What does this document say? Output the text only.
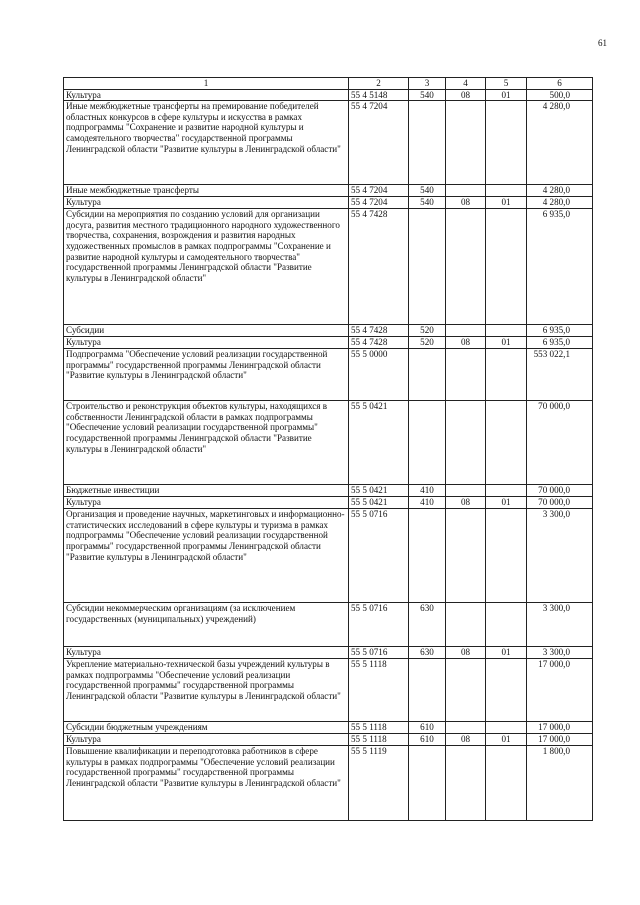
61
1	2	3	4	5	6
Культура	55 4 5148	540	08	01	500,0
Иные межбюджетные трансферты на премирование победителей областных конкурсов в сфере культуры и искусства в рамках подпрограммы "Сохранение и развитие народной культуры и самодеятельного творчества" государственной программы Ленинградской области "Развитие культуры в Ленинградской области"	55 4 7204				4 280,0
Иные межбюджетные трансферты	55 4 7204	540			4 280,0
Культура	55 4 7204	540	08	01	4 280,0
Субсидии на мероприятия по созданию условий для организации досуга, развития местного традиционного народного художественного творчества, сохранения, возрождения и развития народных художественных промыслов в рамках подпрограммы "Сохранение и развитие народной культуры и самодеятельного творчества" государственной программы Ленинградской области "Развитие культуры в Ленинградской области"	55 4 7428				6 935,0
Субсидии	55 4 7428	520			6 935,0
Культура	55 4 7428	520	08	01	6 935,0
Подпрограмма "Обеспечение условий реализации государственной программы" государственной программы Ленинградской области "Развитие культуры в Ленинградской области"	55 5 0000				553 022,1
Строительство и реконструкция объектов культуры, находящихся в собственности Ленинградской области в рамках подпрограммы "Обеспечение условий реализации государственной программы" государственной программы Ленинградской области "Развитие культуры в Ленинградской области"	55 5 0421				70 000,0
Бюджетные инвестиции	55 5 0421	410			70 000,0
Культура	55 5 0421	410	08	01	70 000,0
Организация и проведение научных, маркетинговых и информационно-статистических исследований в сфере культуры и туризма в рамках подпрограммы "Обеспечение условий реализации государственной программы" государственной программы Ленинградской области "Развитие культуры в Ленинградской области"	55 5 0716				3 300,0
Субсидии некоммерческим организациям (за исключением государственных (муниципальных) учреждений)	55 5 0716	630			3 300,0
Культура	55 5 0716	630	08	01	3 300,0
Укрепление материально-технической базы учреждений культуры в рамках подпрограммы "Обеспечение условий реализации государственной программы" государственной программы Ленинградской области "Развитие культуры в Ленинградской области"	55 5 1118				17 000,0
Субсидии бюджетным учреждениям	55 5 1118	610			17 000,0
Культура	55 5 1118	610	08	01	17 000,0
Повышение квалификации и переподготовка работников в сфере культуры в рамках подпрограммы "Обеспечение условий реализации государственной программы" государственной программы Ленинградской области "Развитие культуры в Ленинградской области"	55 5 1119				1 800,0
